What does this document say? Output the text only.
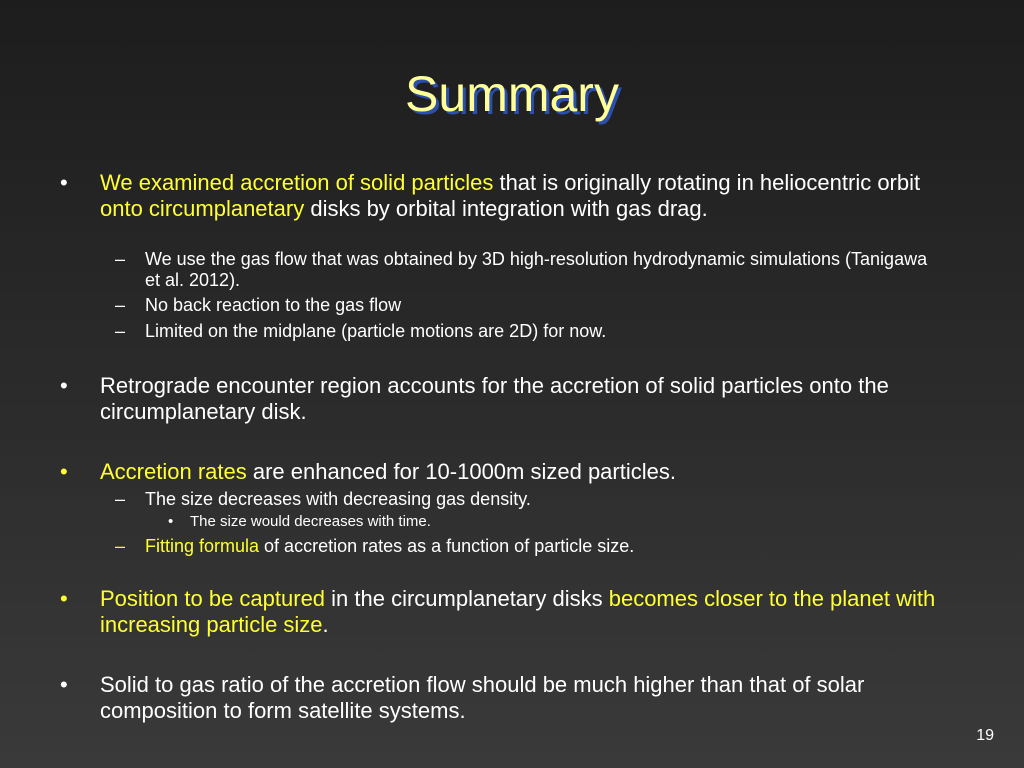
Summary
• We examined accretion of solid particles that is originally rotating in heliocentric orbit onto circumplanetary disks by orbital integration with gas drag.
– We use the gas flow that was obtained by 3D high-resolution hydrodynamic simulations (Tanigawa et al. 2012).
– No back reaction to the gas flow
– Limited on the midplane (particle motions are 2D) for now.
• Retrograde encounter region accounts for the accretion of solid particles onto the circumplanetary disk.
• Accretion rates are enhanced for 10-1000m sized particles.
– The size decreases with decreasing gas density.
• The size would decreases with time.
– Fitting formula of accretion rates as a function of particle size.
• Position to be captured in the circumplanetary disks becomes closer to the planet with increasing particle size.
• Solid to gas ratio of the accretion flow should be much higher than that of solar composition to form satellite systems.
19
